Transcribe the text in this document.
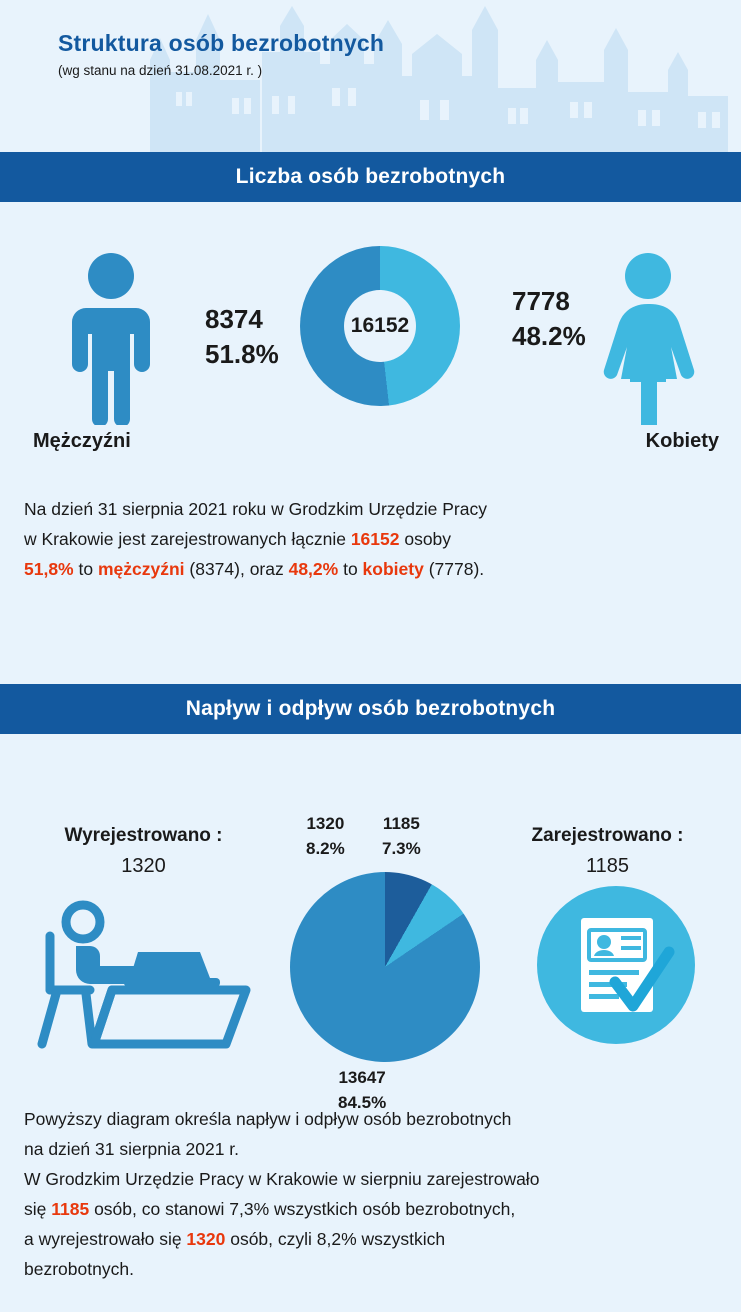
Struktura osób bezrobotnych
(wg stanu na dzień 31.08.2021 r. )
Liczba osób bezrobotnych
8374
51.8%
16152
7778
48.2%
Mężczyźni	Kobiety
Na dzień 31 sierpnia 2021 roku w Grodzkim Urzędzie Pracy
w Krakowie jest zarejestrowanych łącznie 16152 osoby
51,8% to mężczyźni (8374), oraz 48,2% to kobiety (7778).
Napływ i odpływ osób bezrobotnych
Wyrejestrowano :
1320
Zarejestrowano :
1185
1320
8.2%
1185
7.3%
13647
84.5%
Powyższy diagram określa napływ i odpływ osób bezrobotnych
na dzień 31 sierpnia 2021 r.
W Grodzkim Urzędzie Pracy w Krakowie w sierpniu zarejestrowało
się 1185 osób, co stanowi 7,3% wszystkich osób bezrobotnych,
a wyrejestrowało się 1320 osób, czyli 8,2% wszystkich
bezrobotnych.
